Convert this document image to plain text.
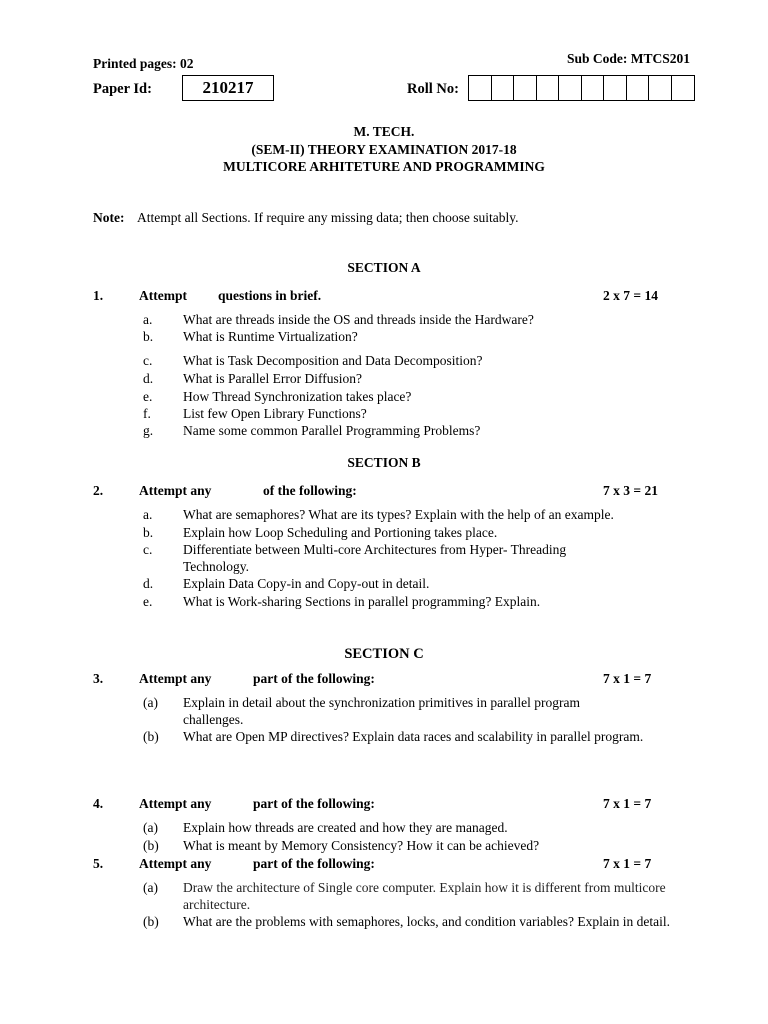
Printed pages: 02	Sub Code: MTCS201
Paper Id:	210217	Roll No:
M. TECH.
(SEM-II) THEORY EXAMINATION 2017-18
MULTICORE ARHITETURE AND PROGRAMMING
Note: Attempt all Sections. If require any missing data; then choose suitably.
SECTION A
1.	Attempt questions in brief.	2 x 7 = 14
a. What are threads inside the OS and threads inside the Hardware?
b. What is Runtime Virtualization?
c. What is Task Decomposition and Data Decomposition?
d. What is Parallel Error Diffusion?
e. How Thread Synchronization takes place?
f. List few Open Library Functions?
g. Name some common Parallel Programming Problems?
SECTION B
2.	Attempt any	of the following:	7 x 3 = 21
a. What are semaphores? What are its types? Explain with the help of an example.
b. Explain how Loop Scheduling and Portioning takes place.
c. Differentiate between Multi-core Architectures from Hyper- Threading
Technology.
d. Explain Data Copy-in and Copy-out in detail.
e. What is Work-sharing Sections in parallel programming? Explain.
SECTION C
3.	Attempt any	part of the following:	7 x 1 = 7
(a) Explain in detail about the synchronization primitives in parallel program challenges.
(b) What are Open MP directives? Explain data races and scalability in parallel program.
4.	Attempt any	part of the following:	7 x 1 = 7
(a) Explain how threads are created and how they are managed.
(b) What is meant by Memory Consistency? How it can be achieved?
5.	Attempt any	part of the following:	7 x 1 = 7
(a) Draw the architecture of Single core computer. Explain how it is different from multicore architecture.
(b) What are the problems with semaphores, locks, and condition variables? Explain in detail.
